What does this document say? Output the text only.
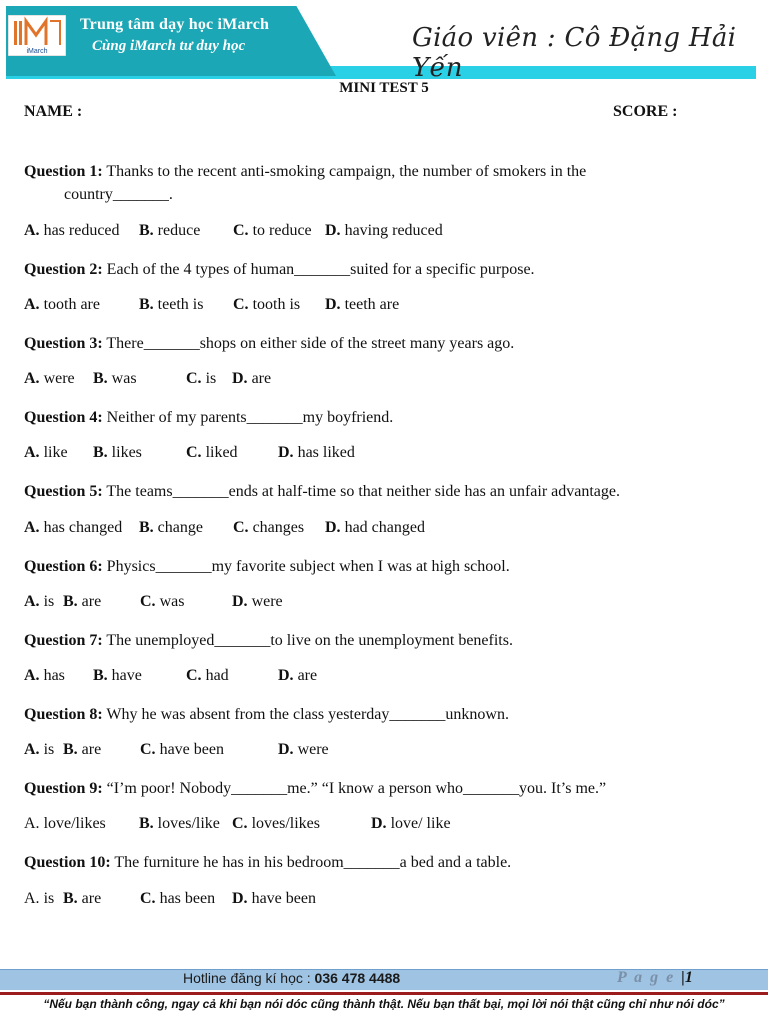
iMarch
Trung tâm dạy học iMarch
Cùng iMarch tư duy học	Giáo viên : Cô Đặng Hải Yến
MINI TEST 5
NAME :	SCORE :
Question 1: Thanks to the recent anti-smoking campaign, the number of smokers in the
country_______.
A. has reduced B. reduce C. to reduce D. having reduced
Question 2: Each of the 4 types of human_______suited for a specific purpose.
A. tooth are B. teeth is C. tooth is D. teeth are
Question 3: There_______shops on either side of the street many years ago.
A. were B. was	C. is D. are
Question 4: Neither of my parents_______my boyfriend.
A. like B. likes	C. liked	D. has liked
Question 5: The teams_______ends at half-time so that neither side has an unfair advantage.
A. has changed B. change C. changes D. had changed
Question 6: Physics_______my favorite subject when I was at high school.
A. is B. are C. was	D. were
Question 7: The unemployed_______to live on the unemployment benefits.
A. has B. have	C. had	D. are
Question 8: Why he was absent from the class yesterday_______unknown.
A. is B. are C. have been	D. were
Question 9: “I’m poor! Nobody_______me.” “I know a person who_______you. It’s me.”
A. love/likes B. loves/like C. loves/likes	D. love/ like
Question 10: The furniture he has in his bedroom_______a bed and a table.
A. is B. are C. has been D. have been
Hotline đăng kí học : 036 478 4488	P a g e |1
“Nếu bạn thành công, ngay cả khi bạn nói dóc cũng thành thật. Nếu bạn thất bại, mọi lời nói thật cũng chỉ như nói dóc”
